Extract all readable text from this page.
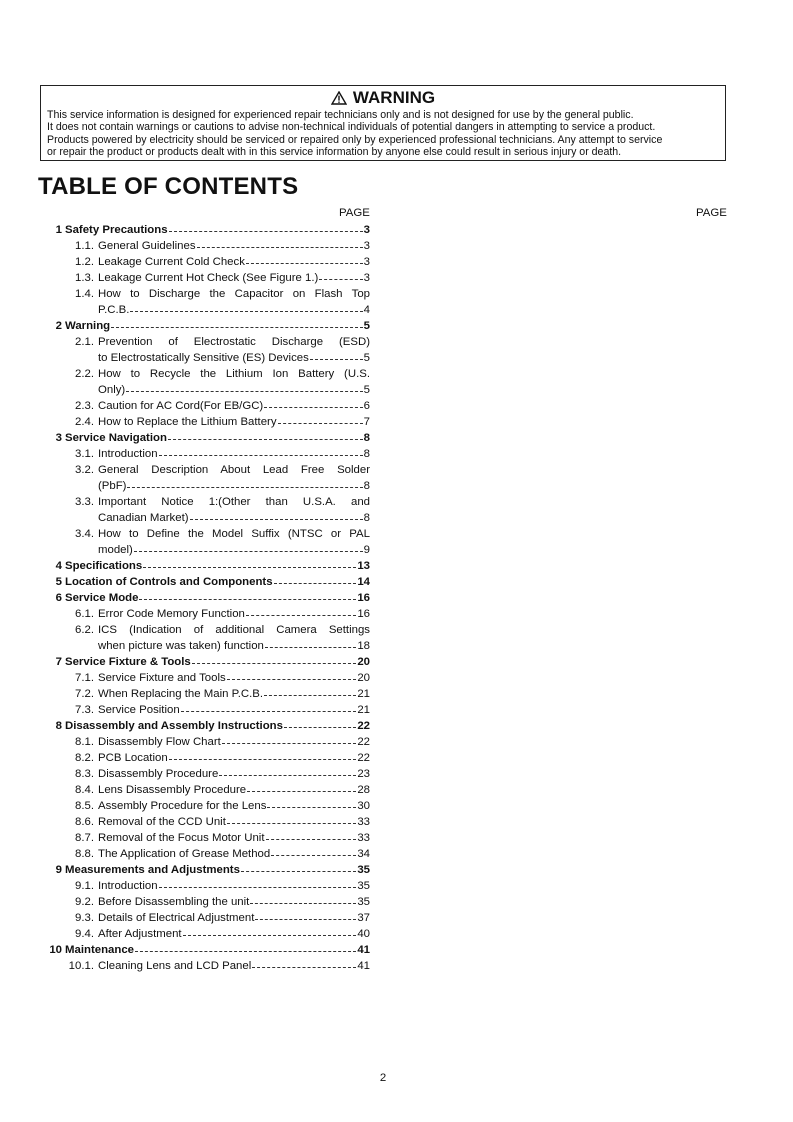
WARNING
This service information is designed for experienced repair technicians only and is not designed for use by the general public.
It does not contain warnings or cautions to advise non-technical individuals of potential dangers in attempting to service a product.
Products powered by electricity should be serviced or repaired only by experienced professional technicians. Any attempt to service
or repair the product or products dealt with in this service information by anyone else could result in serious injury or death.
TABLE OF CONTENTS
PAGE	PAGE
1 Safety Precautions	3
1.1. General Guidelines	3
1.2. Leakage Current Cold Check	3
1.3. Leakage Current Hot Check (See Figure 1.)	3
1.4. How to Discharge the Capacitor on Flash Top
P.C.B.	4
2 Warning	5
2.1. Prevention of Electrostatic Discharge (ESD)
to Electrostatically Sensitive (ES) Devices	5
2.2. How to Recycle the Lithium Ion Battery (U.S.
Only)	5
2.3. Caution for AC Cord(For EB/GC)	6
2.4. How to Replace the Lithium Battery	7
3 Service Navigation	8
3.1. Introduction	8
3.2. General Description About Lead Free Solder
(PbF)	8
3.3. Important Notice 1:(Other than U.S.A. and
Canadian Market)	8
3.4. How to Define the Model Suffix (NTSC or PAL
model)	9
4 Specifications	13
5 Location of Controls and Components	14
6 Service Mode	16
6.1. Error Code Memory Function	16
6.2. ICS (Indication of additional Camera Settings
when picture was taken) function	18
7 Service Fixture & Tools	20
7.1. Service Fixture and Tools	20
7.2. When Replacing the Main P.C.B.	21
7.3. Service Position	21
8 Disassembly and Assembly Instructions	22
8.1. Disassembly Flow Chart	22
8.2. PCB Location	22
8.3. Disassembly Procedure	23
8.4. Lens Disassembly Procedure	28
8.5. Assembly Procedure for the Lens	30
8.6. Removal of the CCD Unit	33
8.7. Removal of the Focus Motor Unit	33
8.8. The Application of Grease Method	34
9 Measurements and Adjustments	35
9.1. Introduction	35
9.2. Before Disassembling the unit	35
9.3. Details of Electrical Adjustment	37
9.4. After Adjustment	40
10 Maintenance	41
10.1. Cleaning Lens and LCD Panel	41
2
